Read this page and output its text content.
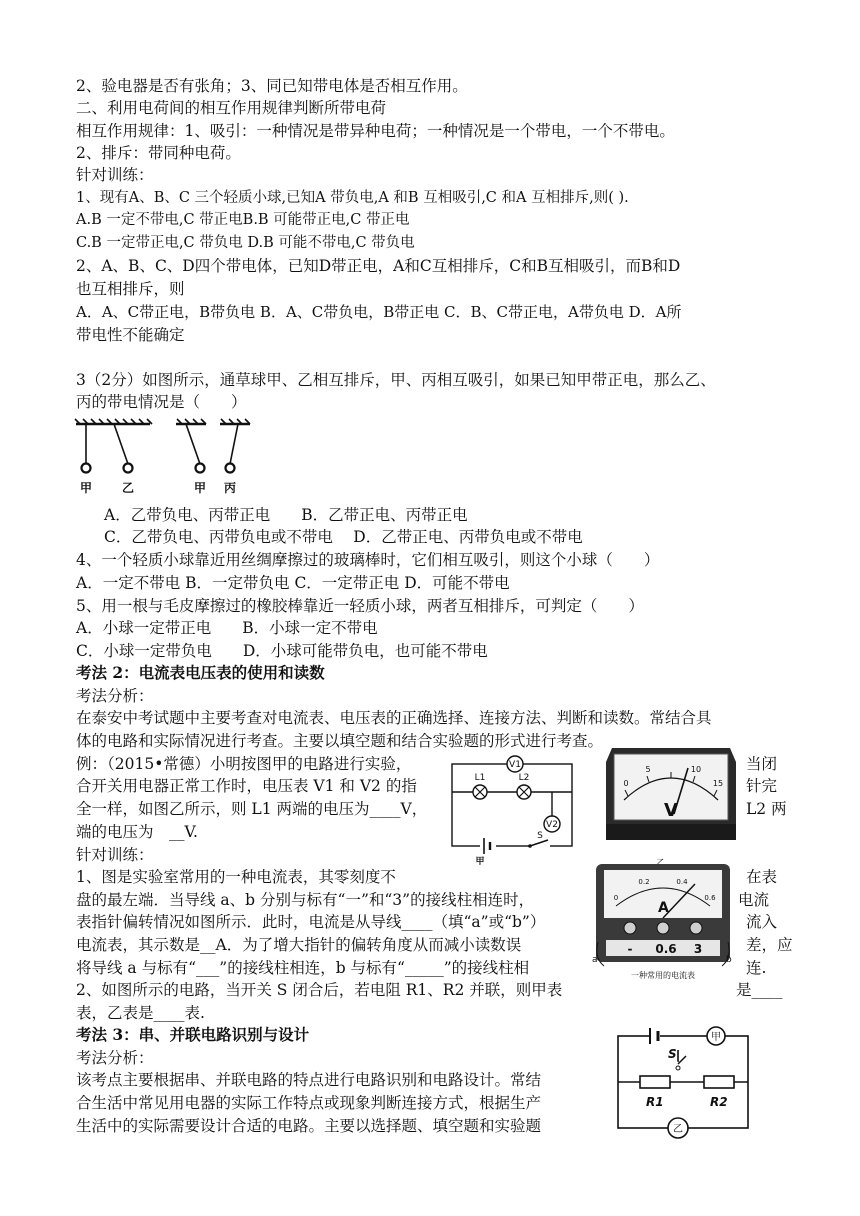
2、验电器是否有张角；3、同已知带电体是否相互作用。
二、利用电荷间的相互作用规律判断所带电荷
相互作用规律：1、吸引：一种情况是带异种电荷；一种情况是一个带电，一个不带电。
2、排斥：带同种电荷。
针对训练：
1、现有A、B、C 三个轻质小球,已知A 带负电,A 和B 互相吸引,C 和A 互相排斥,则( ).
A.B 一定不带电,C 带正电B.B 可能带正电,C 带正电
C.B 一定带正电,C 带负电 D.B 可能不带电,C 带负电
2、A、B、C、D四个带电体，已知D带正电，A和C互相排斥，C和B互相吸引，而B和D
也互相排斥，则
A．A、C带正电，B带负电 B．A、C带负电，B带正电 C．B、C带正电，A带负电 D．A所
带电性不能确定
3（2分）如图所示，通草球甲、乙相互排斥，甲、丙相互吸引，如果已知甲带正电，那么乙、
丙的带电情况是（　　）
甲 乙	甲 丙
A．乙带负电、丙带正电　　B．乙带正电、丙带正电
C．乙带负电、丙带负电或不带电　 D．乙带正电、丙带负电或不带电
4、一个轻质小球靠近用丝绸摩擦过的玻璃棒时，它们相互吸引，则这个小球（　　）
A．一定不带电 B．一定带负电 C．一定带正电 D．可能不带电
5、用一根与毛皮摩擦过的橡胶棒靠近一轻质小球，两者互相排斥，可判定（　　）
A．小球一定带正电　　B．小球一定不带电
C．小球一定带负电　　D．小球可能带负电，也可能不带电
考法 2：电流表电压表的使用和读数
考法分析：
在泰安中考试题中主要考查对电流表、电压表的正确选择、连接方法、判断和读数。常结合具
体的电路和实际情况进行考查。主要以填空题和结合实验题的形式进行考查。
例：（2015•常德）小明按图甲的电路进行实验，
合开关用电器正常工作时，电压表 V1 和 V2 的指
全一样，如图乙所示，则 L1 两端的电压为____V，
端的电压为　__V.
针对训练：
1、图是实验室常用的一种电流表，其零刻度不
盘的最左端．当导线 a、b 分别与标有“一”和“3”的接线柱相连时，
表指针偏转情况如图所示．此时，电流是从导线____（填“a”或“b”）
电流表，其示数是__A．为了增大指针的偏转角度从而减小读数误
将导线 a 与标有“___”的接线柱相连，b 与标有“_____”的接线柱相
2、如图所示的电路，当开关 S 闭合后，若电阻 R1、R2 并联，则甲表
表，乙表是____表.
考法 3：串、并联电路识别与设计
考法分析：
该考点主要根据串、并联电路的特点进行电路识别和电路设计。常结
合生活中常见用电器的实际工作特点或现象判断连接方式，根据生产
生活中的实际需要设计合适的电路。主要以选择题、填空题和实验题
当闭
针完
L2 两
在表
电流
流入
差，应
连.
是____
V1
V2
L1	L2
S
甲
0
5	10
15
V
0
0.2	0.4
0.6
A
- 0.6 3
a	b
一种常用的电流表
R1	R2
S
甲
乙
